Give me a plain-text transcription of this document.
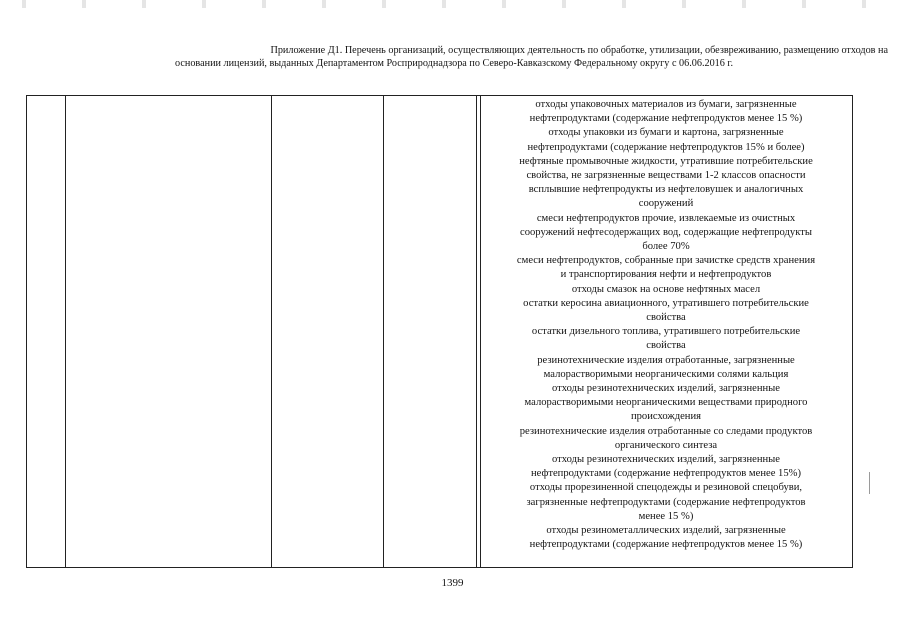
Приложение Д1. Перечень организаций, осуществляющих деятельность по обработке, утилизации, обезвреживанию, размещению отходов на
основании лицензий, выданных Департаментом Росприроднадзора по Северо-Кавказскому Федеральному округу с 06.06.2016 г.
отходы упаковочных материалов из бумаги, загрязненные
нефтепродуктами (содержание нефтепродуктов менее 15 %)
отходы упаковки из бумаги и картона, загрязненные
нефтепродуктами (содержание нефтепродуктов 15% и более)
нефтяные промывочные жидкости, утратившие потребительские
свойства, не загрязненные веществами 1-2 классов опасности
всплывшие нефтепродукты из нефтеловушек и аналогичных
сооружений
смеси нефтепродуктов прочие, извлекаемые из очистных
сооружений нефтесодержащих вод, содержащие нефтепродукты
более 70%
смеси нефтепродуктов, собранные при зачистке средств хранения
и транспортирования нефти и нефтепродуктов
отходы смазок на основе нефтяных масел
остатки керосина авиационного, утратившего потребительские
свойства
остатки дизельного топлива, утратившего потребительские
свойства
резинотехнические изделия отработанные, загрязненные
малорастворимыми неорганическими солями кальция
отходы резинотехнических изделий, загрязненные
малорастворимыми неорганическими веществами природного
происхождения
резинотехнические изделия отработанные со следами продуктов
органического синтеза
отходы резинотехнических изделий, загрязненные
нефтепродуктами (содержание нефтепродуктов менее 15%)
отходы прорезиненной спецодежды и резиновой спецобуви,
загрязненные нефтепродуктами (содержание нефтепродуктов
менее 15 %)
отходы резинометаллических изделий, загрязненные
нефтепродуктами (содержание нефтепродуктов менее 15 %)
1399
